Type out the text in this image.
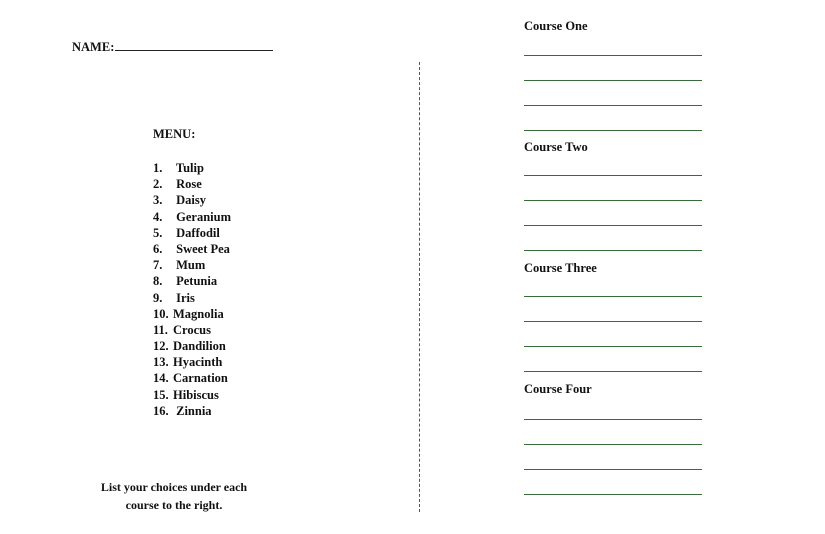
NAME:

MENU:

1. Tulip
2. Rose
3. Daisy
4. Geranium
5. Daffodil
6. Sweet Pea
7. Mum
8. Petunia
9. Iris
10. Magnolia
11. Crocus
12. Dandilion
13. Hyacinth
14. Carnation
15. Hibiscus
16. Zinnia
List your choices under each
course to the right.

Course One

Course Two

Course Three

Course Four
